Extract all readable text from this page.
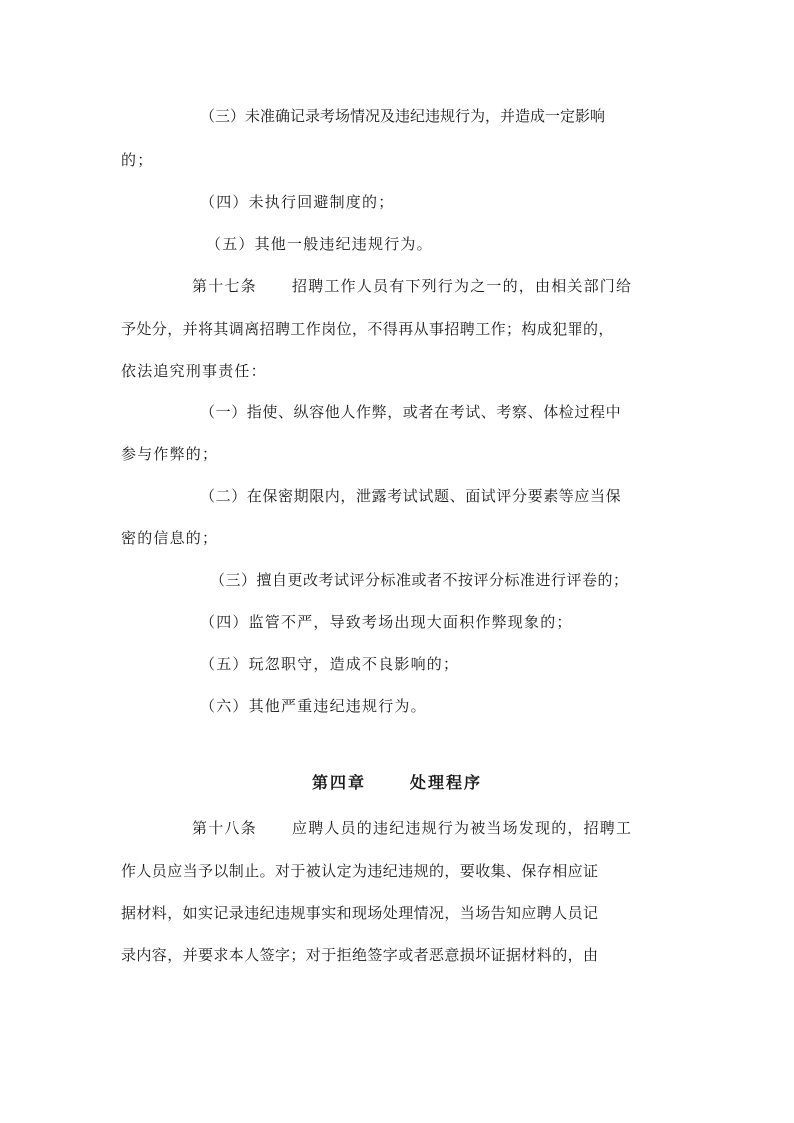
（三）未准确记录考场情况及违纪违规行为，并造成一定影响
的；
（四）未执行回避制度的；
（五）其他一般违纪违规行为。
第十七条 招聘工作人员有下列行为之一的，由相关部门给
予处分，并将其调离招聘工作岗位，不得再从事招聘工作；构成犯罪的，
依法追究刑事责任：
（一）指使、纵容他人作弊，或者在考试、考察、体检过程中
参与作弊的；
（二）在保密期限内，泄露考试试题、面试评分要素等应当保
密的信息的；
（三）擅自更改考试评分标准或者不按评分标准进行评卷的；
（四）监管不严，导致考场出现大面积作弊现象的；
（五）玩忽职守，造成不良影响的；
（六）其他严重违纪违规行为。
第四章	处理程序
第十八条 应聘人员的违纪违规行为被当场发现的，招聘工
作人员应当予以制止。对于被认定为违纪违规的，要收集、保存相应证
据材料，如实记录违纪违规事实和现场处理情况，当场告知应聘人员记
录内容，并要求本人签字；对于拒绝签字或者恶意损坏证据材料的，由
